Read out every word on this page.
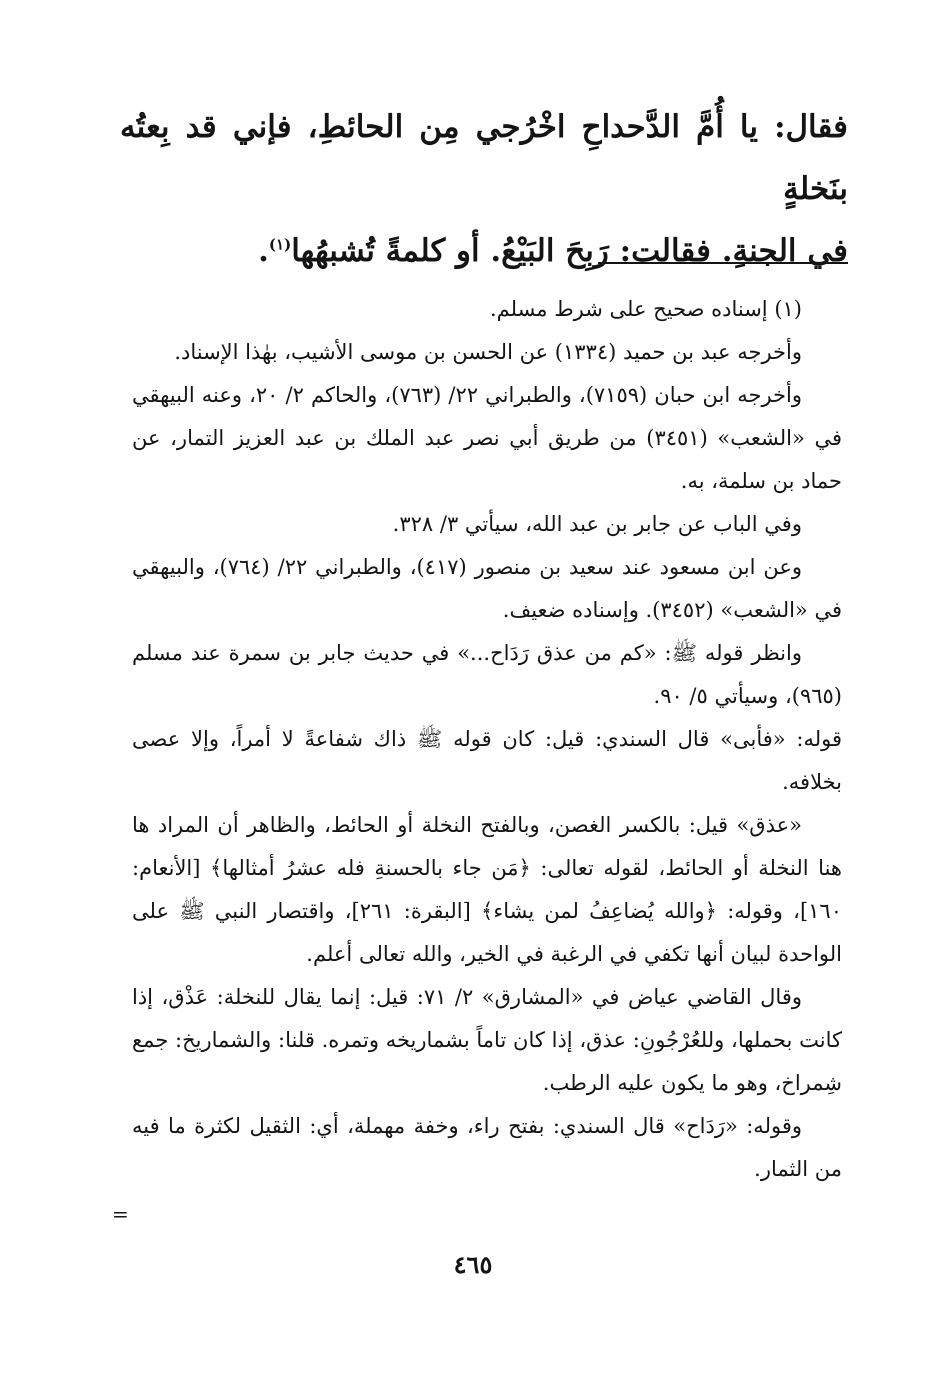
فقال: يا أُمَّ الدَّحداحِ اخْرُجي مِن الحائطِ، فإني قد بِعتُه بنَخلةٍ

في الجنةِ. فقالت: رَبِحَ البَيْعُ. أو كلمةً تُشبهُها$^{(١)}$.

(١) إسناده صحيح على شرط مسلم.

وأخرجه عبد بن حميد (١٣٣٤) عن الحسن بن موسى الأشيب، بهٰذا الإسناد.

وأخرجه ابن حبان (٧١٥٩)، والطبراني ٢٢/ (٧٦٣)، والحاكم ٢/ ٢٠، وعنه البيهقي في «الشعب» (٣٤٥١) من طريق أبي نصر عبد الملك بن عبد العزيز التمار، عن حماد بن سلمة، به.

وفي الباب عن جابر بن عبد الله، سيأتي ٣/ ٣٢٨.

وعن ابن مسعود عند سعيد بن منصور (٤١٧)، والطبراني ٢٢/ (٧٦٤)، والبيهقي في «الشعب» (٣٤٥٢). وإسناده ضعيف.

وانظر قوله ﷺ: «كم من عذق رَدَاح...» في حديث جابر بن سمرة عند مسلم (٩٦٥)، وسيأتي ٥/ ٩٠.

قوله: «فأبى» قال السندي: قيل: كان قوله ﷺ ذاك شفاعةً لا أمراً، وإلا عصى بخلافه.

«عذق» قيل: بالكسر الغصن، وبالفتح النخلة أو الحائط، والظاهر أن المراد ها هنا النخلة أو الحائط، لقوله تعالى: ﴿مَن جاء بالحسنةِ فله عشرُ أمثالها﴾ [الأنعام: ١٦٠]، وقوله: ﴿والله يُضاعِفُ لمن يشاء﴾ [البقرة: ٢٦١]، واقتصار النبي ﷺ على الواحدة لبيان أنها تكفي في الرغبة في الخير، والله تعالى أعلم.

وقال القاضي عياض في «المشارق» ٢/ ٧١: قيل: إنما يقال للنخلة: عَذْق، إذا كانت بحملها، وللعُرْجُونِ: عذق، إذا كان تاماً بشماريخه وتمره. قلنا: والشماريخ: جمع شِمراخ، وهو ما يكون عليه الرطب.

وقوله: «رَدَاح» قال السندي: بفتح راء، وخفة مهملة، أي: الثقيل لكثرة ما فيه من الثمار.

=
٤٦٥
